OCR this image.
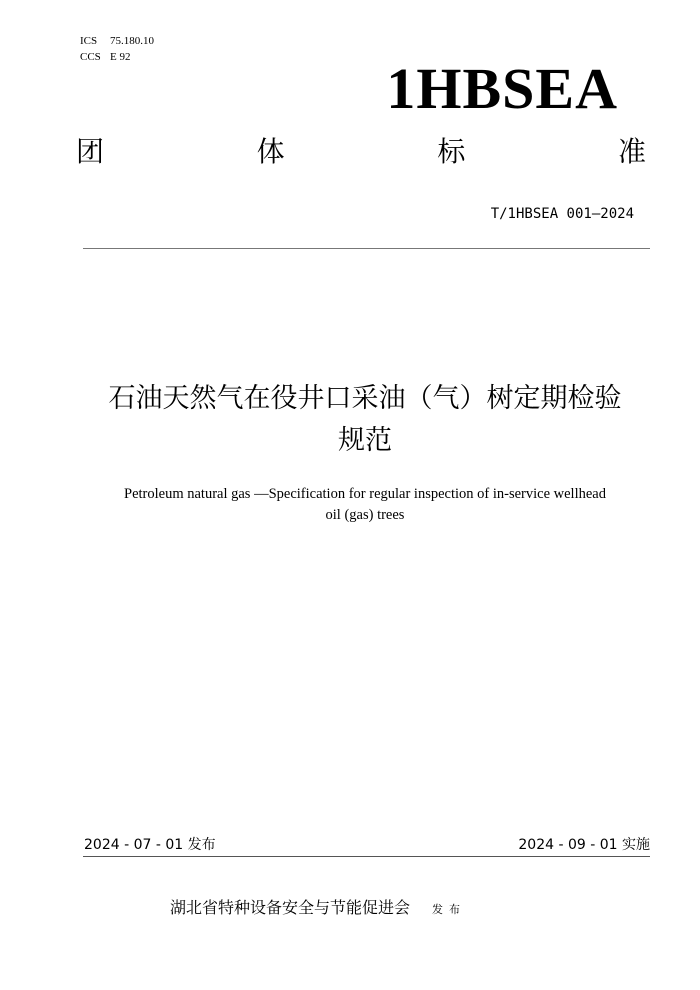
ICS 75.180.10
CCS E 92	1HBSEA
团	体	标	准
T/1HBSEA 001—2024
石油天然气在役井口采油（气）树定期检验
规范
Petroleum natural gas —Specification for regular inspection of in-service wellhead
oil (gas) trees
2024 - 07 - 01 发布	2024 - 09 - 01 实施
湖北省特种设备安全与节能促进会 发布
